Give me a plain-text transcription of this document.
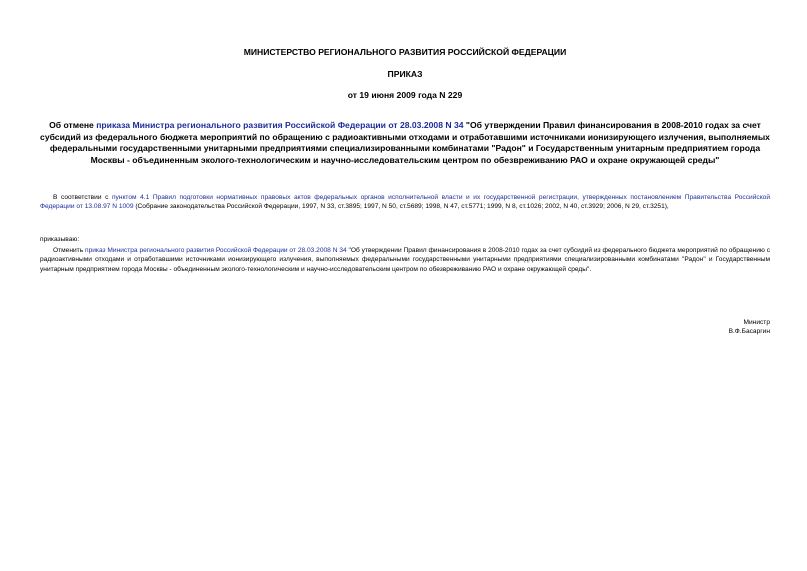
МИНИСТЕРСТВО РЕГИОНАЛЬНОГО РАЗВИТИЯ РОССИЙСКОЙ ФЕДЕРАЦИИ
ПРИКАЗ
от 19 июня 2009 года N 229
Об отмене приказа Министра регионального развития Российской Федерации от 28.03.2008 N 34 "Об утверждении Правил финансирования в 2008-2010 годах за счет субсидий из федерального бюджета мероприятий по обращению с радиоактивными отходами и отработавшими источниками ионизирующего излучения, выполняемых федеральными государственными унитарными предприятиями специализированными комбинатами "Радон" и Государственным унитарным предприятием города Москвы - объединенным эколого-технологическим и научно-исследовательским центром по обезвреживанию РАО и охране окружающей среды"
В соответствии с пунктом 4.1 Правил подготовки нормативных правовых актов федеральных органов исполнительной власти и их государственной регистрации, утвержденных постановлением Правительства Российской Федерации от 13.08.97 N 1009 (Собрание законодательства Российской Федерации, 1997, N 33, ст.3895; 1997, N 50, ст.5689; 1998, N 47, ст.5771; 1999, N 8, ст.1026; 2002, N 40, ст.3929; 2006, N 29, ст.3251),
приказываю:
Отменить приказ Министра регионального развития Российской Федерации от 28.03.2008 N 34 "Об утверждении Правил финансирования в 2008-2010 годах за счет субсидий из федерального бюджета мероприятий по обращению с радиоактивными отходами и отработавшими источниками ионизирующего излучения, выполняемых федеральными государственными унитарными предприятиями специализированными комбинатами "Радон" и Государственным унитарным предприятием города Москвы - объединенным эколого-технологическим и научно-исследовательским центром по обезвреживанию РАО и охране окружающей среды".
Министр
В.Ф.Басаргин
